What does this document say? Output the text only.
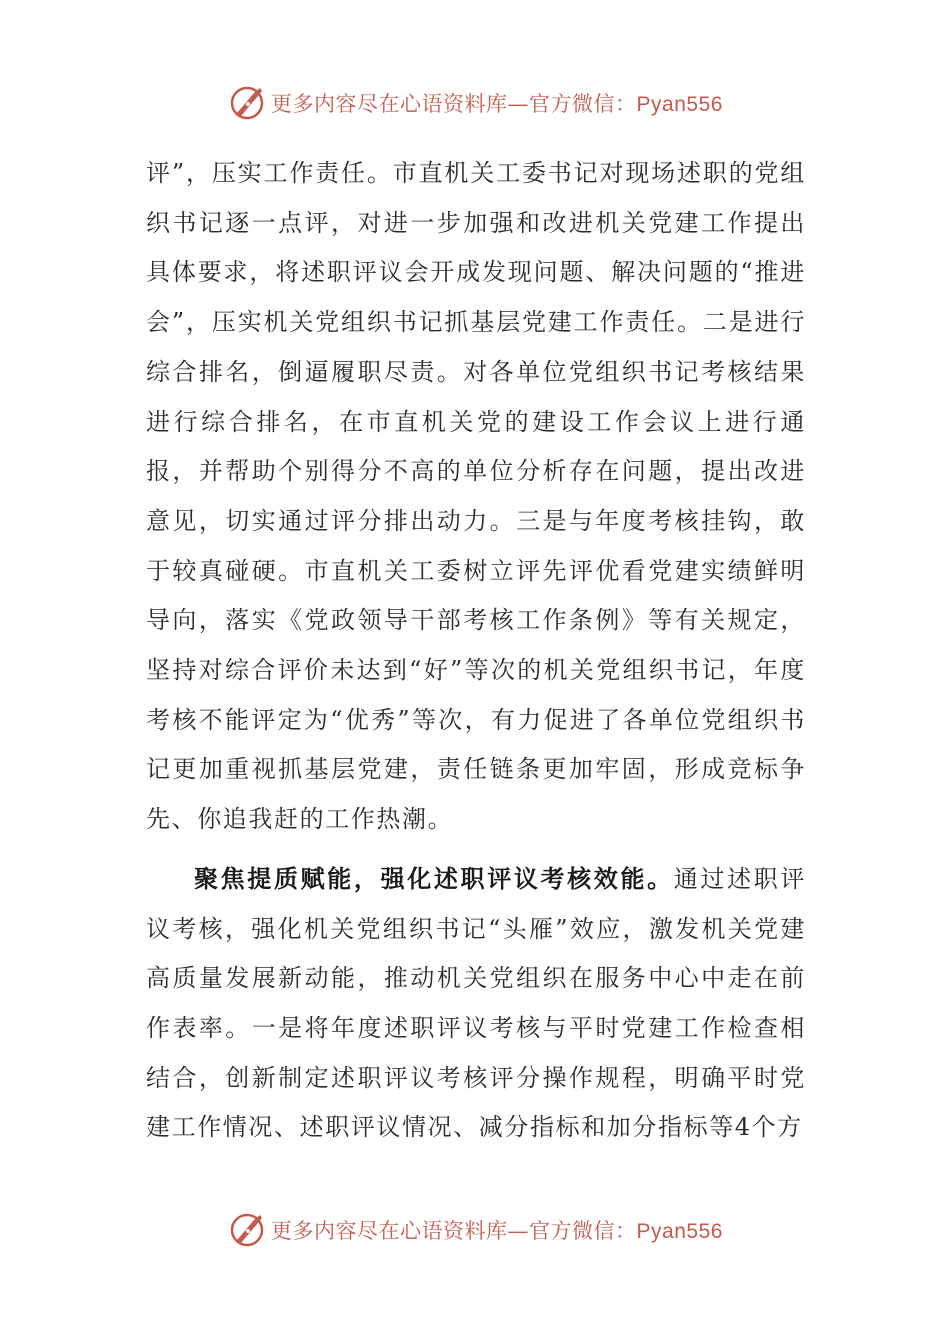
更多内容尽在心语资料库—官方微信：Pyan556

评”，压实工作责任。市直机关工委书记对现场述职的党组织书记逐一点评，对进一步加强和改进机关党建工作提出具体要求，将述职评议会开成发现问题、解决问题的“推进会”，压实机关党组织书记抓基层党建工作责任。二是进行综合排名，倒逼履职尽责。对各单位党组织书记考核结果进行综合排名，在市直机关党的建设工作会议上进行通报，并帮助个别得分不高的单位分析存在问题，提出改进意见，切实通过评分排出动力。三是与年度考核挂钩，敢于较真碰硬。市直机关工委树立评先评优看党建实绩鲜明导向，落实《党政领导干部考核工作条例》等有关规定，坚持对综合评价未达到“好”等次的机关党组织书记，年度考核不能评定为“优秀”等次，有力促进了各单位党组织书记更加重视抓基层党建，责任链条更加牢固，形成竞标争先、你追我赶的工作热潮。

聚焦提质赋能，强化述职评议考核效能。通过述职评议考核，强化机关党组织书记“头雁”效应，激发机关党建高质量发展新动能，推动机关党组织在服务中心中走在前作表率。一是将年度述职评议考核与平时党建工作检查相结合，创新制定述职评议考核评分操作规程，明确平时党建工作情况、述职评议情况、减分指标和加分指标等4个方

更多内容尽在心语资料库—官方微信：Pyan556
